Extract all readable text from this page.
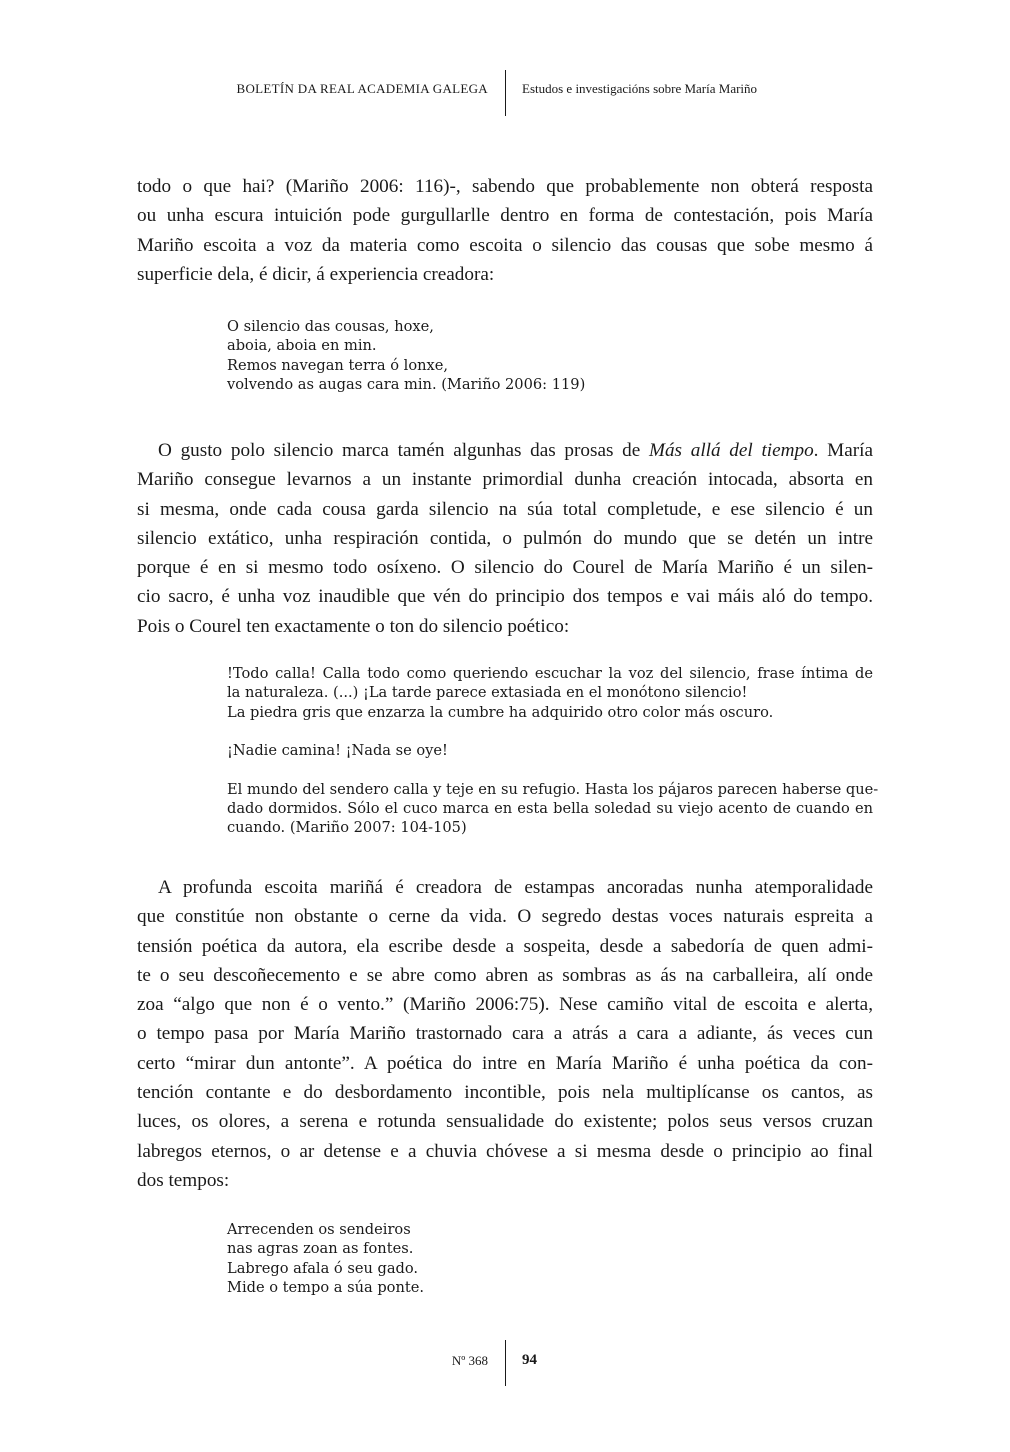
BOLETÍN DA REAL ACADEMIA GALEGA	Estudos e investigacións sobre María Mariño

todo o que hai? (Mariño 2006: 116)-, sabendo que probablemente non obterá resposta
ou unha escura intuición pode gurgullarlle dentro en forma de contestación, pois María
Mariño escoita a voz da materia como escoita o silencio das cousas que sobe mesmo á
superficie dela, é dicir, á experiencia creadora:

O silencio das cousas, hoxe,
aboia, aboia en min.
Remos navegan terra ó lonxe,
volvendo as augas cara min. (Mariño 2006: 119)

O gusto polo silencio marca tamén algunhas das prosas de Más allá del tiempo. María
Mariño consegue levarnos a un instante primordial dunha creación intocada, absorta en
si mesma, onde cada cousa garda silencio na súa total completude, e ese silencio é un
silencio extático, unha respiración contida, o pulmón do mundo que se detén un intre
porque é en si mesmo todo osíxeno. O silencio do Courel de María Mariño é un silen-
cio sacro, é unha voz inaudible que vén do principio dos tempos e vai máis aló do tempo.
Pois o Courel ten exactamente o ton do silencio poético:

!Todo calla! Calla todo como queriendo escuchar la voz del silencio, frase íntima de
la naturaleza. (...) ¡La tarde parece extasiada en el monótono silencio!
La piedra gris que enzarza la cumbre ha adquirido otro color más oscuro.
¡Nadie camina! ¡Nada se oye!
El mundo del sendero calla y teje en su refugio. Hasta los pájaros parecen haberse que-
dado dormidos. Sólo el cuco marca en esta bella soledad su viejo acento de cuando en
cuando. (Mariño 2007: 104-105)

A profunda escoita mariñá é creadora de estampas ancoradas nunha atemporalidade
que constitúe non obstante o cerne da vida. O segredo destas voces naturais espreita a
tensión poética da autora, ela escribe desde a sospeita, desde a sabedoría de quen admi-
te o seu descoñecemento e se abre como abren as sombras as ás na carballeira, alí onde
zoa “algo que non é o vento.” (Mariño 2006:75). Nese camiño vital de escoita e alerta,
o tempo pasa por María Mariño trastornado cara a atrás a cara a adiante, ás veces cun
certo “mirar dun antonte”. A poética do intre en María Mariño é unha poética da con-
tención contante e do desbordamento incontible, pois nela multiplícanse os cantos, as
luces, os olores, a serena e rotunda sensualidade do existente; polos seus versos cruzan
labregos eternos, o ar detense e a chuvia chóvese a si mesma desde o principio ao final
dos tempos:

Arrecenden os sendeiros
nas agras zoan as fontes.
Labrego afala ó seu gado.
Mide o tempo a súa ponte.
Nº 368 94
